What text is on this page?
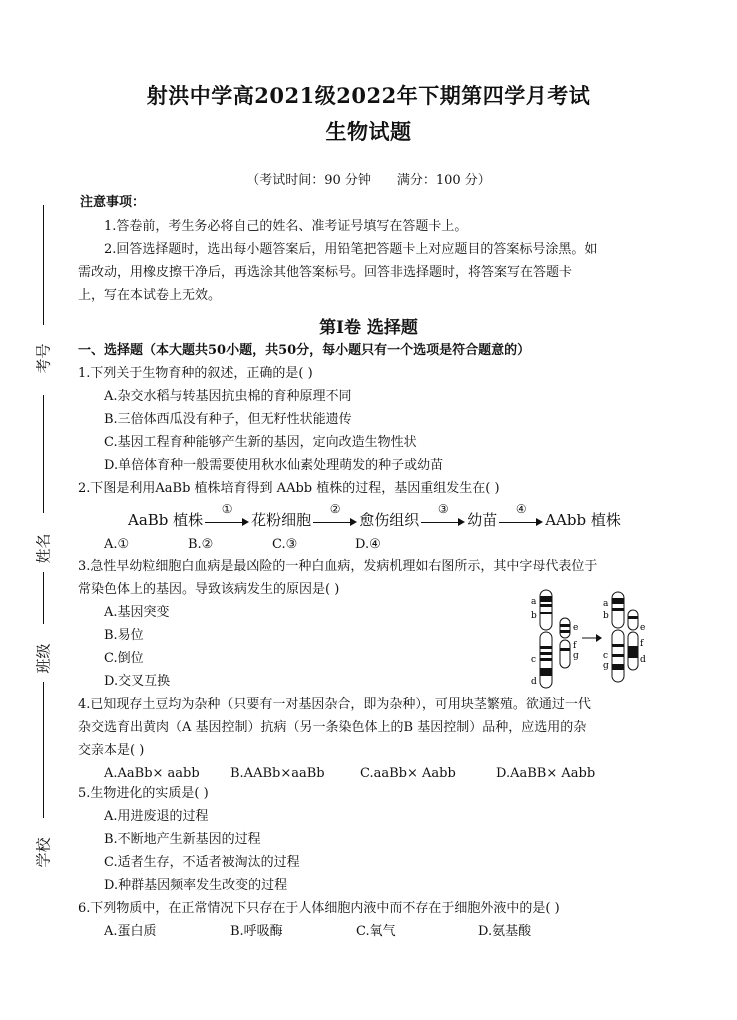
射洪中学高2021级2022年下期第四学月考试
生物试题
（考试时间：90 分钟　　满分：100 分）
考号
姓名
班级
学校
注意事项：
1.答卷前，考生务必将自己的姓名、准考证号填写在答题卡上。
2.回答选择题时，选出每小题答案后，用铅笔把答题卡上对应题目的答案标号涂黑。如
需改动，用橡皮擦干净后，再选涂其他答案标号。回答非选择题时，将答案写在答题卡
上，写在本试卷上无效。
第Ⅰ卷 选择题
一、选择题（本大题共50小题，共50分，每小题只有一个选项是符合题意的）
1.下列关于生物育种的叙述，正确的是( )
A.杂交水稻与转基因抗虫棉的育种原理不同
B.三倍体西瓜没有种子，但无籽性状能遗传
C.基因工程育种能够产生新的基因，定向改造生物性状
D.单倍体育种一般需要使用秋水仙素处理萌发的种子或幼苗
2.下图是利用AaBb 植株培育得到 AAbb 植株的过程，基因重组发生在( )
AaBb 植株
①
花粉细胞
②
愈伤组织
③
幼苗
④
AAbb 植株
A.①	B.②	C.③	D.④
3.急性早幼粒细胞白血病是最凶险的一种白血病，发病机理如右图所示，其中字母代表位于
常染色体上的基因。导致该病发生的原因是( )
A.基因突变
B.易位
C.倒位
D.交叉互换
a
b
c
d
e
f
g
a
b
c
g
e
f
d
4.已知现存土豆均为杂种（只要有一对基因杂合，即为杂种），可用块茎繁殖。欲通过一代
杂交选育出黄肉（A 基因控制）抗病（另一条染色体上的B 基因控制）品种，应选用的杂
交亲本是( )
A.AaBb× aabb B.AABb×aaBb	C.aaBb× Aabb	D.AaBB× Aabb
5.生物进化的实质是( )
A.用进废退的过程
B.不断地产生新基因的过程
C.适者生存，不适者被淘汰的过程
D.种群基因频率发生改变的过程
6.下列物质中，在正常情况下只存在于人体细胞内液中而不存在于细胞外液中的是( )
A.蛋白质	B.呼吸酶	C.氧气	D.氨基酸
